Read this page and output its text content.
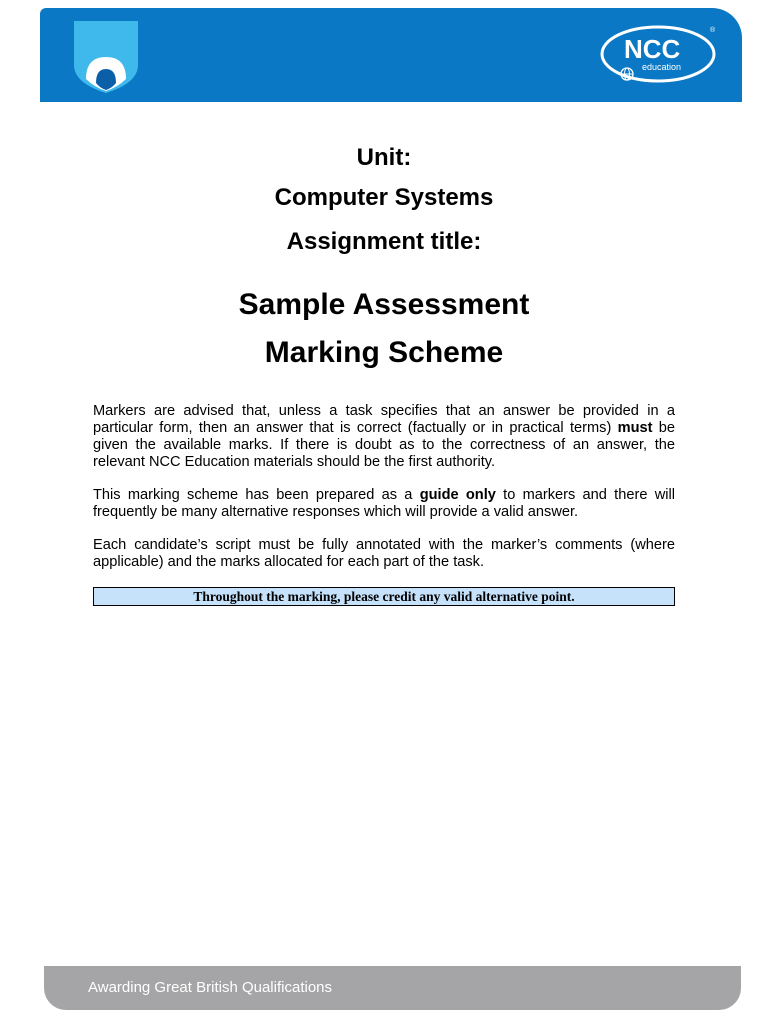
NCC
education
®
Unit:
Computer Systems
Assignment title:
Sample Assessment
Marking Scheme
Markers are advised that, unless a task specifies that an answer be provided in a particular form, then an answer that is correct (factually or in practical terms) must be given the available marks. If there is doubt as to the correctness of an answer, the relevant NCC Education materials should be the first authority.
This marking scheme has been prepared as a guide only to markers and there will frequently be many alternative responses which will provide a valid answer.
Each candidate’s script must be fully annotated with the marker’s comments (where applicable) and the marks allocated for each part of the task.
Throughout the marking, please credit any valid alternative point.
Awarding Great British Qualifications
